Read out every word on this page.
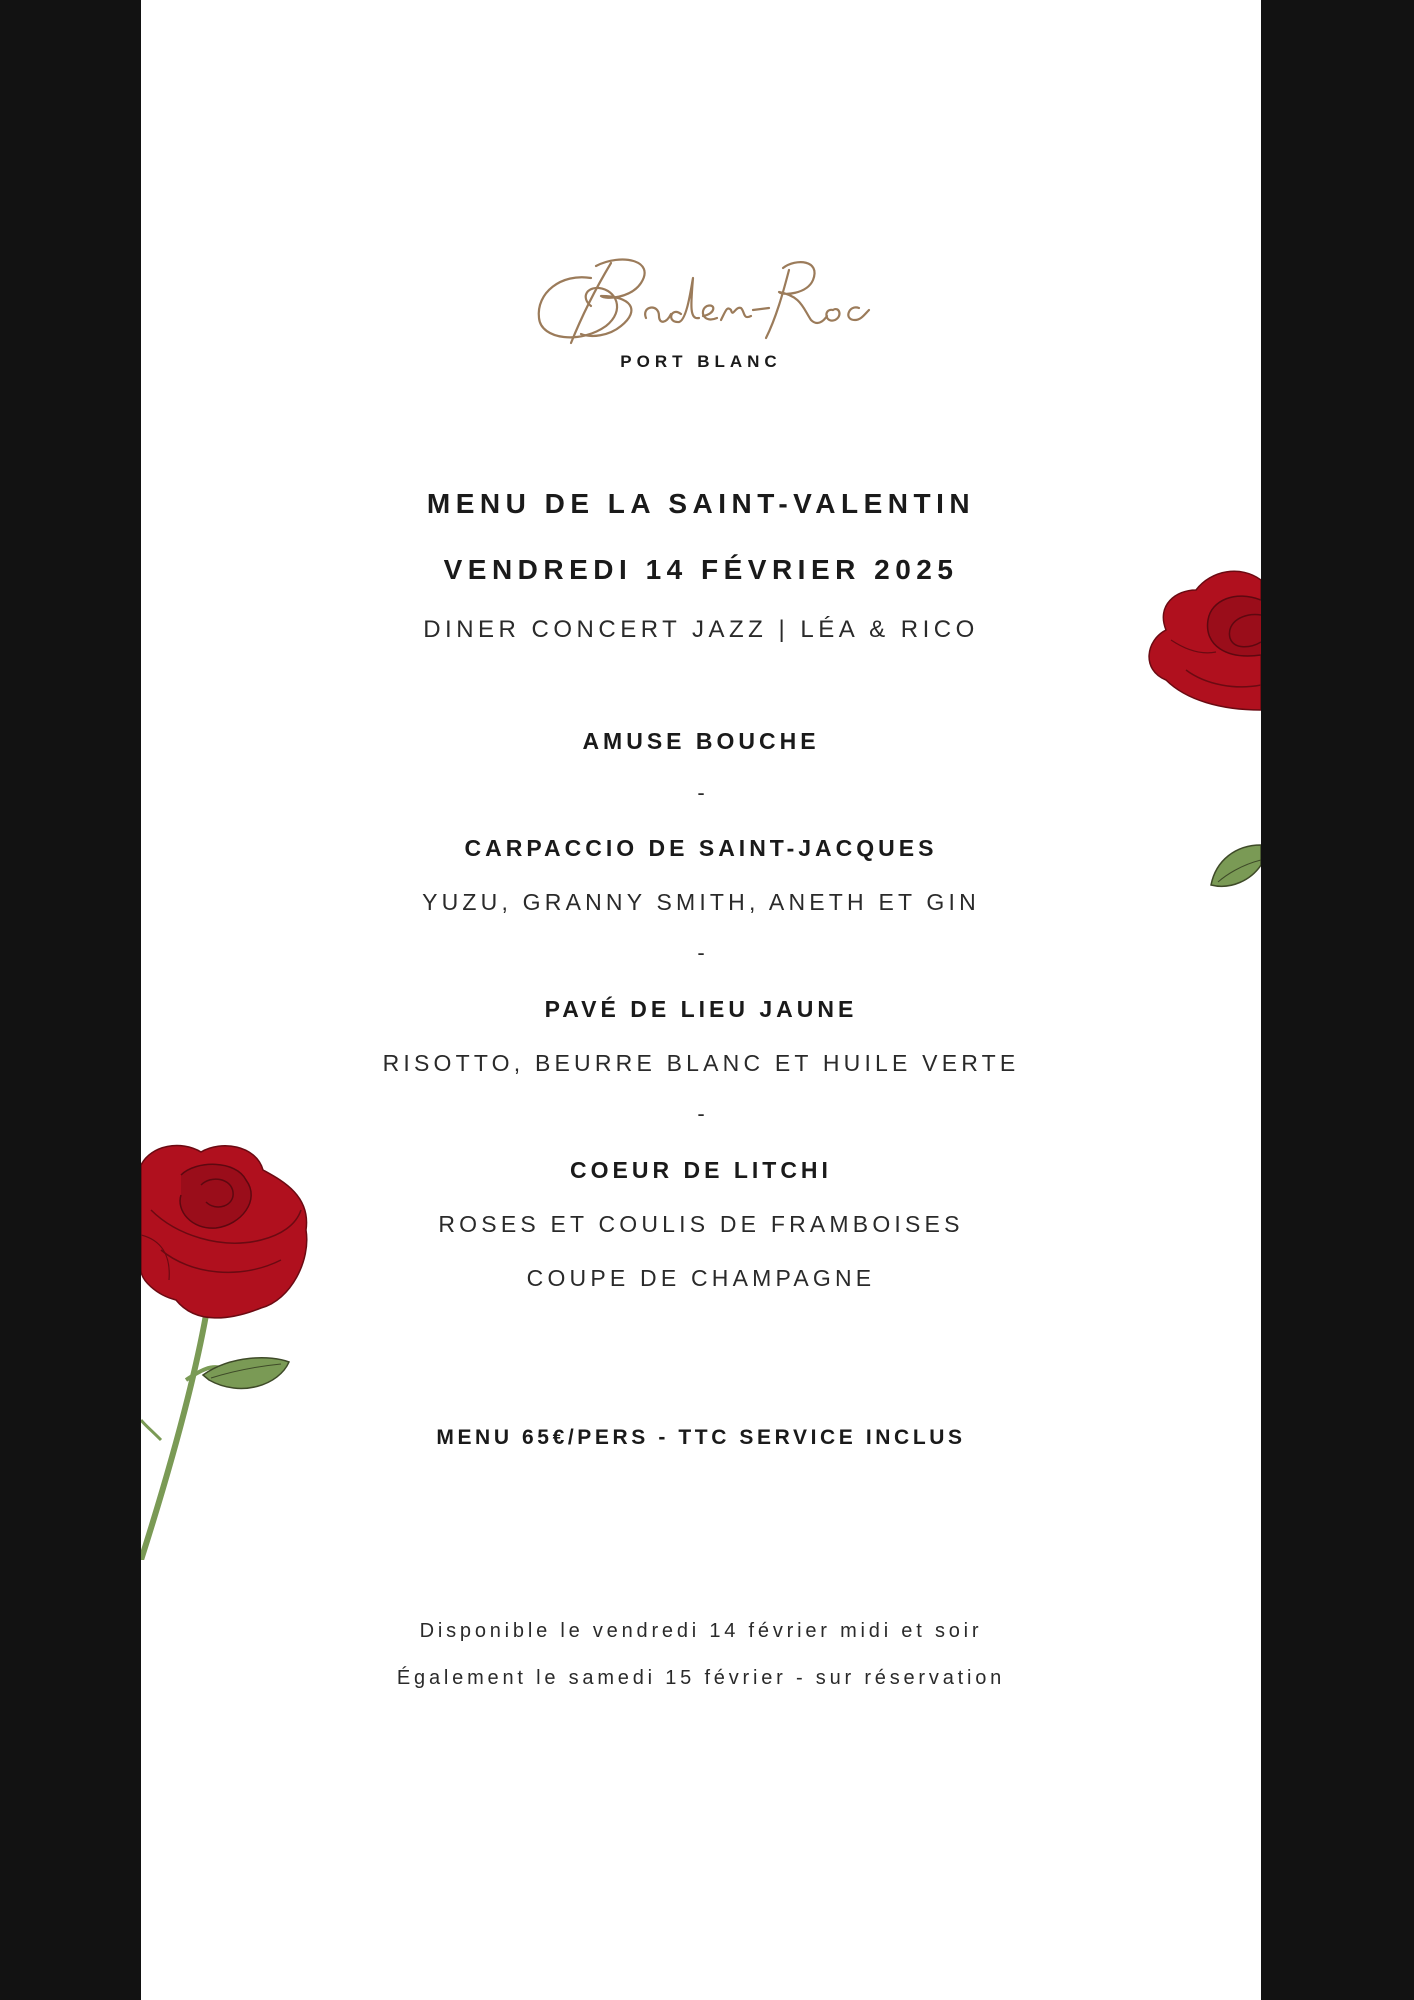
PORT BLANC
MENU DE LA SAINT-VALENTIN
VENDREDI 14 FÉVRIER 2025
DINER CONCERT JAZZ | LÉA & RICO
AMUSE BOUCHE
-
CARPACCIO DE SAINT-JACQUES
YUZU, GRANNY SMITH, ANETH ET GIN
-
PAVÉ DE LIEU JAUNE
RISOTTO, BEURRE BLANC ET HUILE VERTE
-
COEUR DE LITCHI
ROSES ET COULIS DE FRAMBOISES
COUPE DE CHAMPAGNE
MENU 65€/PERS - TTC SERVICE INCLUS
Disponible le vendredi 14 février midi et soir
Également le samedi 15 février - sur réservation
